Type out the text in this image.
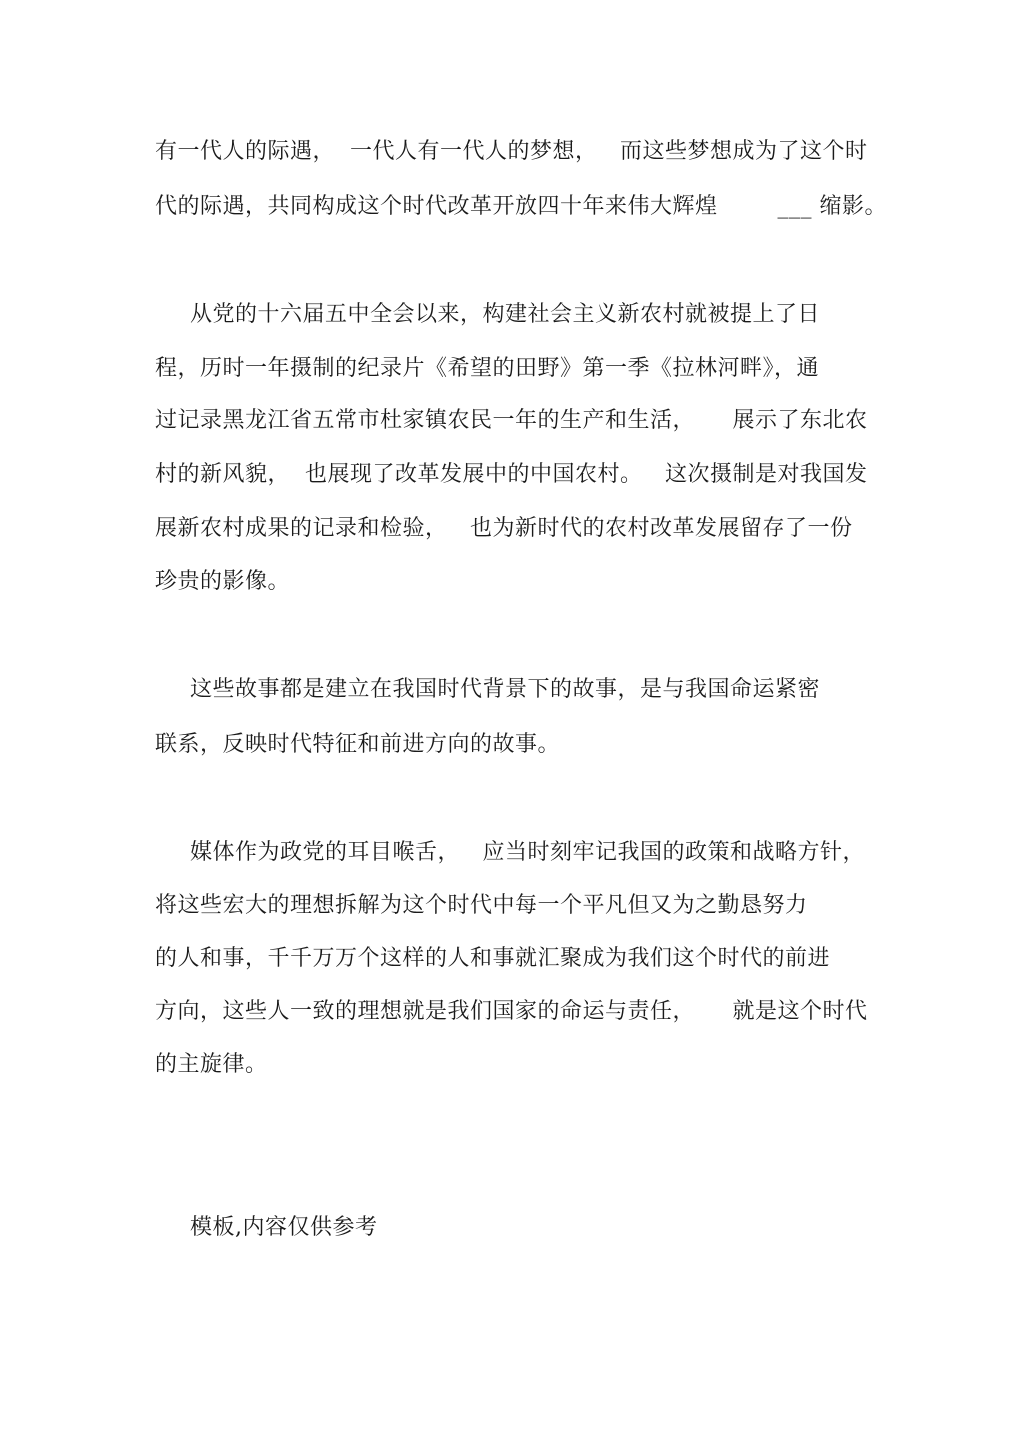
有一代人的际遇，  一代人有一代人的梦想，   而这些梦想成为了这个时
代的际遇，共同构成这个时代改革开放四十年来伟大辉煌        ___ 缩影。
从党的十六届五中全会以来，构建社会主义新农村就被提上了日
程，历时一年摄制的纪录片《希望的田野》第一季《拉林河畔》，通
过记录黑龙江省五常市杜家镇农民一年的生产和生活，     展示了东北农
村的新风貌，  也展现了改革发展中的中国农村。   这次摄制是对我国发
展新农村成果的记录和检验，   也为新时代的农村改革发展留存了一份
珍贵的影像。
这些故事都是建立在我国时代背景下的故事，是与我国命运紧密
联系，反映时代特征和前进方向的故事。
媒体作为政党的耳目喉舌，   应当时刻牢记我国的政策和战略方针，
将这些宏大的理想拆解为这个时代中每一个平凡但又为之勤恳努力
的人和事，千千万万个这样的人和事就汇聚成为我们这个时代的前进
方向，这些人一致的理想就是我们国家的命运与责任，     就是这个时代
的主旋律。
模板,内容仅供参考
